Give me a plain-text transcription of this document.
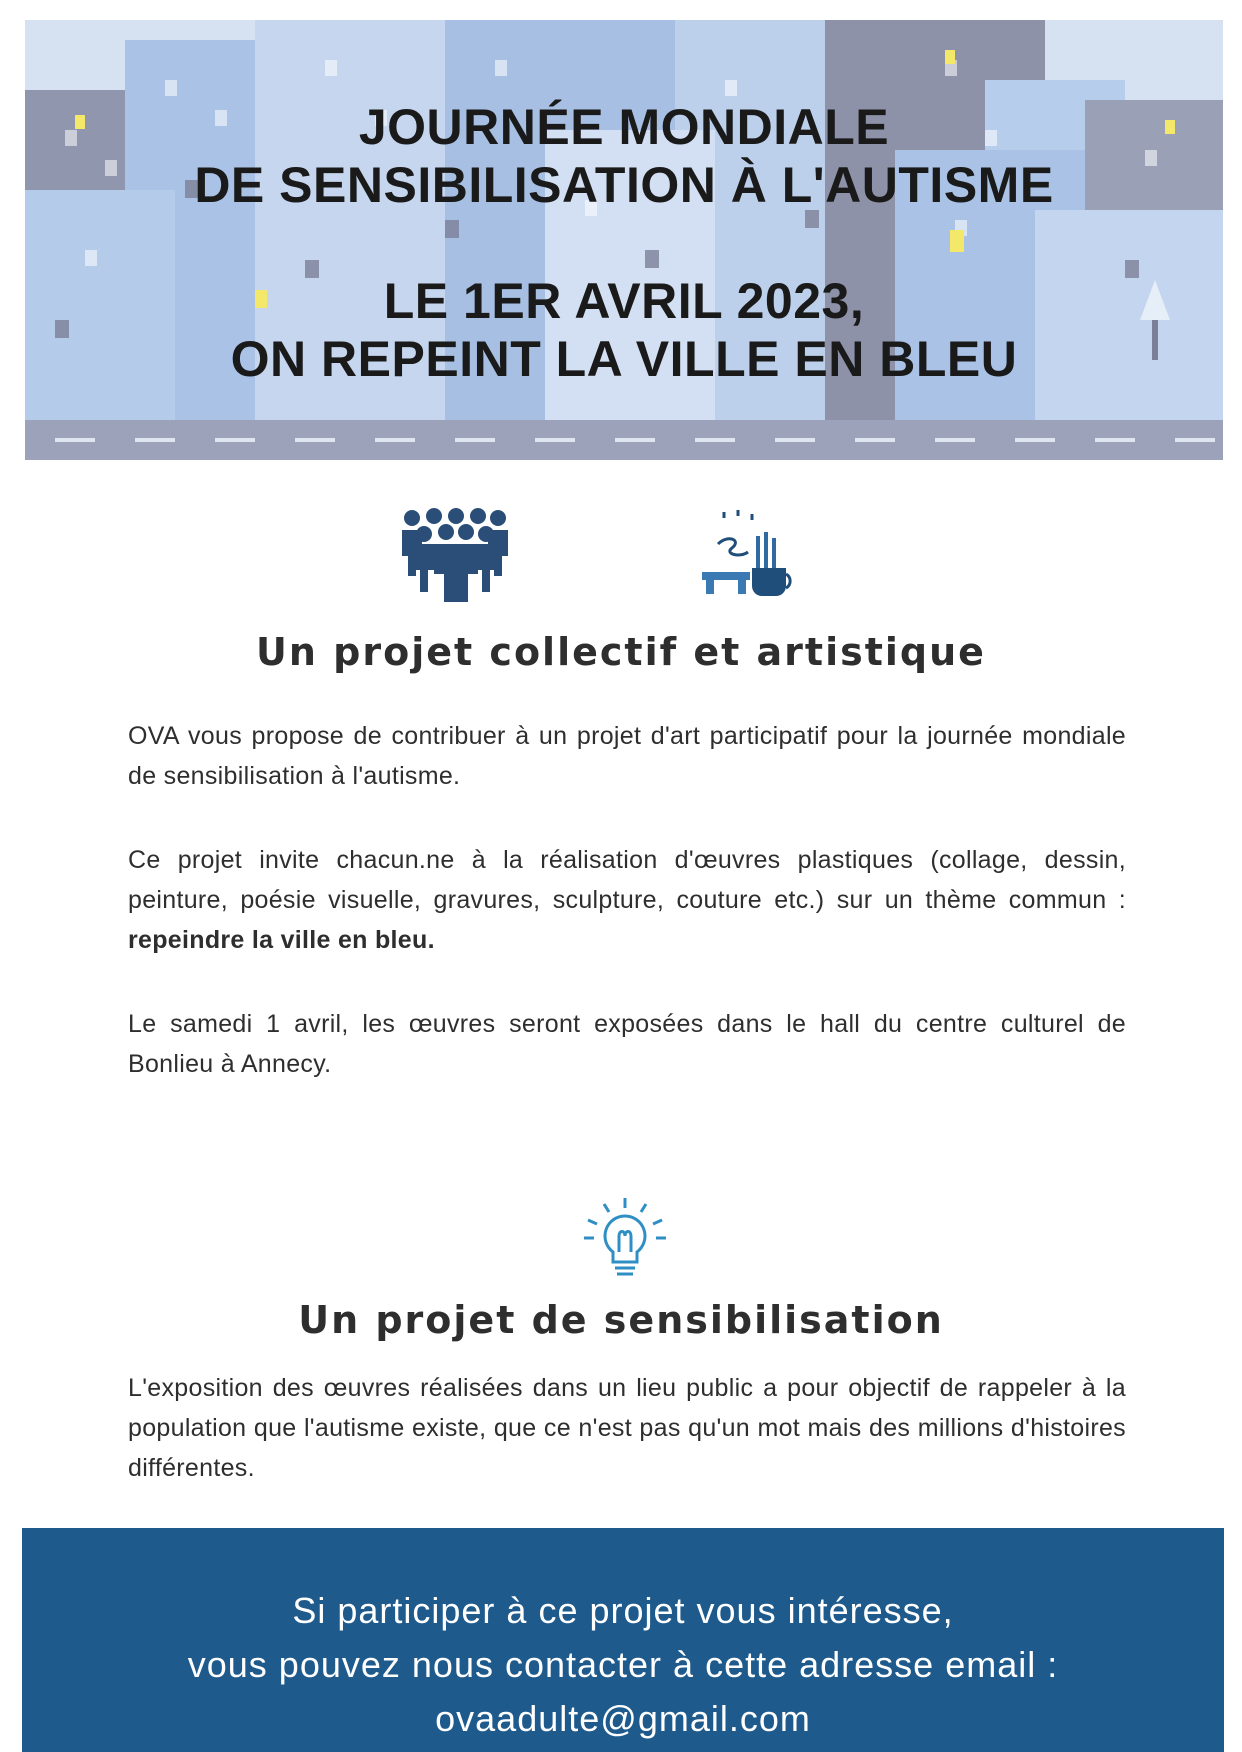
JOURNÉE MONDIALE

DE SENSIBILISATION À L'AUTISME

LE 1ER AVRIL 2023,

ON REPEINT LA VILLE EN BLEU

Un projet collectif et artistique

OVA vous propose de contribuer à un projet d'art participatif pour la journée mondiale de sensibilisation à l'autisme.

Ce projet invite chacun.ne à la réalisation d'œuvres plastiques (collage, dessin, peinture, poésie visuelle, gravures, sculpture, couture etc.) sur un thème commun : repeindre la ville en bleu.

Le samedi 1 avril, les œuvres seront exposées dans le hall du centre culturel de Bonlieu à Annecy.

Un projet de sensibilisation

L'exposition des œuvres réalisées dans un lieu public a pour objectif de rappeler à la population que l'autisme existe, que ce n'est pas qu'un mot mais des millions d'histoires différentes.

Si participer à ce projet vous intéresse,

vous pouvez nous contacter à cette adresse email :

ovaadulte@gmail.com
